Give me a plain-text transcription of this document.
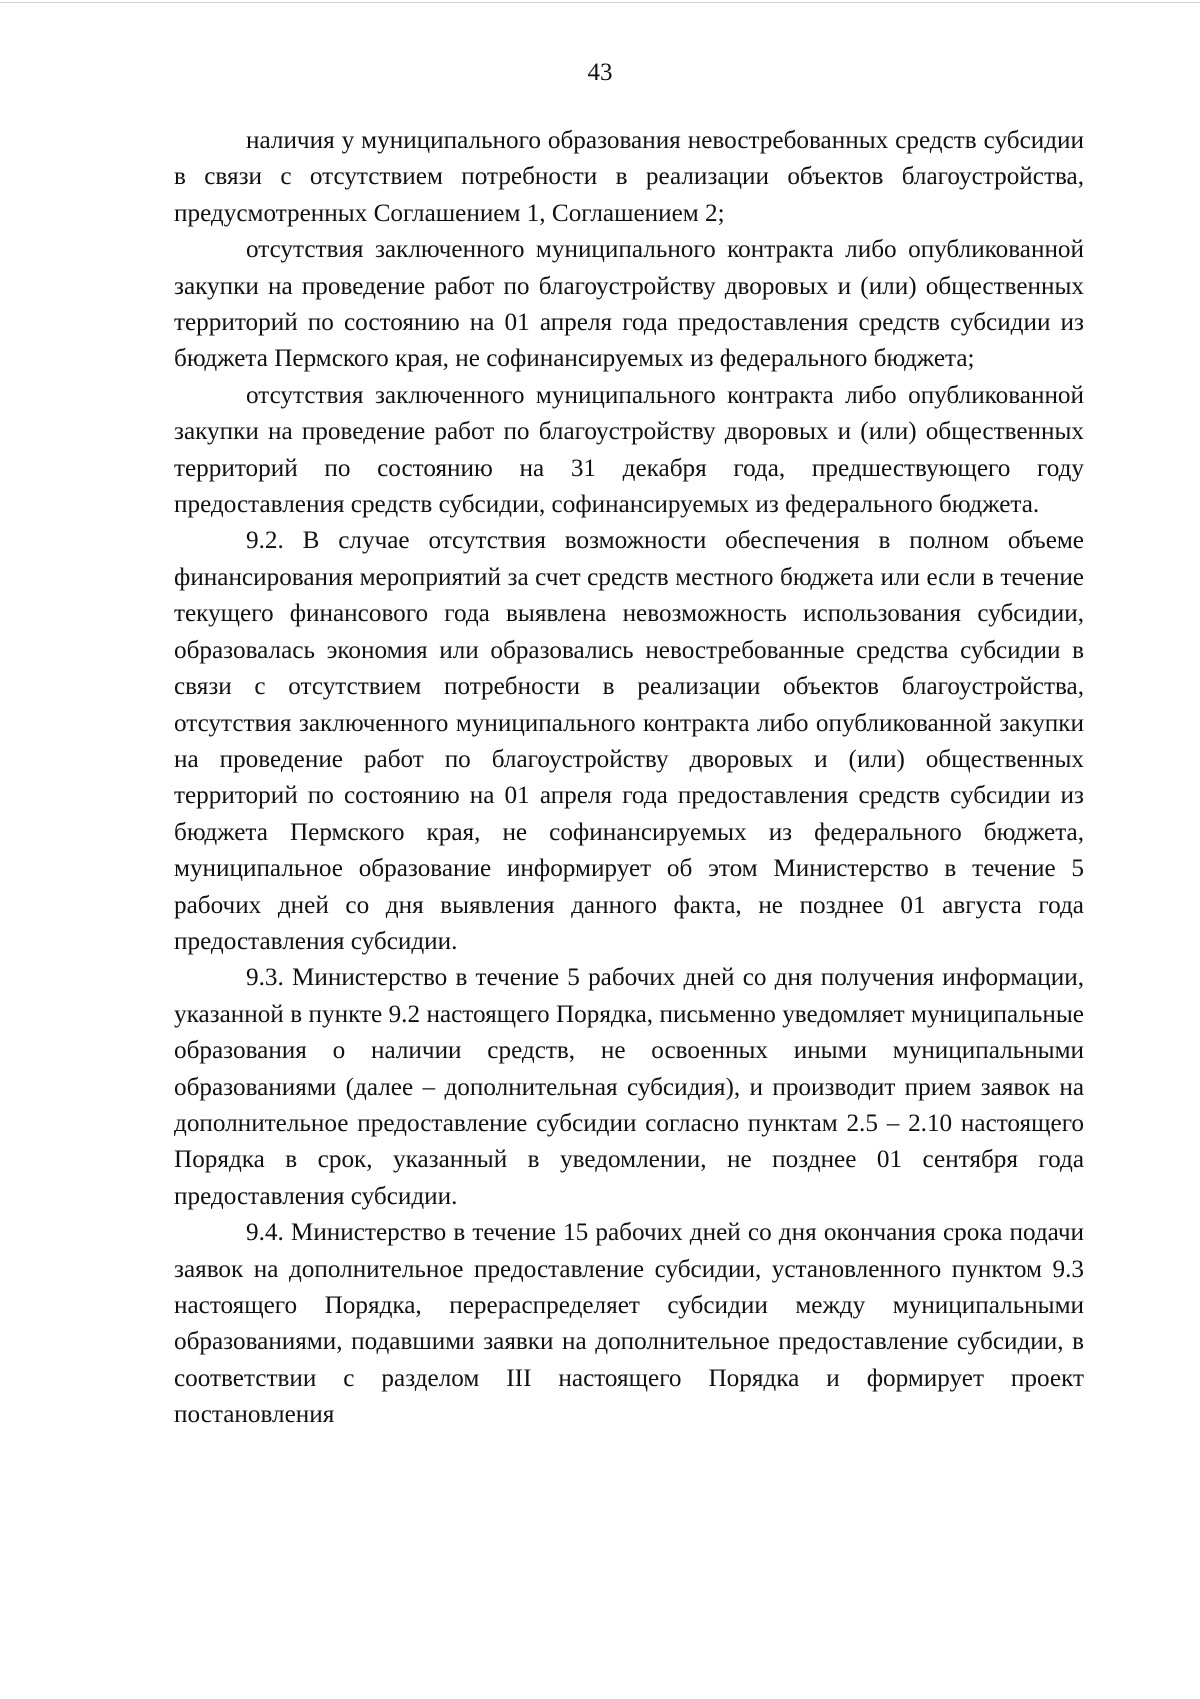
43

наличия у муниципального образования невостребованных средств субсидии в связи с отсутствием потребности в реализации объектов благоустройства, предусмотренных Соглашением 1, Соглашением 2;

отсутствия заключенного муниципального контракта либо опубликованной закупки на проведение работ по благоустройству дворовых и (или) общественных территорий по состоянию на 01 апреля года предоставления средств субсидии из бюджета Пермского края, не софинансируемых из федерального бюджета;

отсутствия заключенного муниципального контракта либо опубликованной закупки на проведение работ по благоустройству дворовых и (или) общественных территорий по состоянию на 31 декабря года, предшествующего году предоставления средств субсидии, софинансируемых из федерального бюджета.

9.2. В случае отсутствия возможности обеспечения в полном объеме финансирования мероприятий за счет средств местного бюджета или если в течение текущего финансового года выявлена невозможность использования субсидии, образовалась экономия или образовались невостребованные средства субсидии в связи с отсутствием потребности в реализации объектов благоустройства, отсутствия заключенного муниципального контракта либо опубликованной закупки на проведение работ по благоустройству дворовых и (или) общественных территорий по состоянию на 01 апреля года предоставления средств субсидии из бюджета Пермского края, не софинансируемых из федерального бюджета, муниципальное образование информирует об этом Министерство в течение 5 рабочих дней со дня выявления данного факта, не позднее 01 августа года предоставления субсидии.

9.3. Министерство в течение 5 рабочих дней со дня получения информации, указанной в пункте 9.2 настоящего Порядка, письменно уведомляет муниципальные образования о наличии средств, не освоенных иными муниципальными образованиями (далее – дополнительная субсидия), и производит прием заявок на дополнительное предоставление субсидии согласно пунктам 2.5 – 2.10 настоящего Порядка в срок, указанный в уведомлении, не позднее 01 сентября года предоставления субсидии.

9.4. Министерство в течение 15 рабочих дней со дня окончания срока подачи заявок на дополнительное предоставление субсидии, установленного пунктом 9.3 настоящего Порядка, перераспределяет субсидии между муниципальными образованиями, подавшими заявки на дополнительное предоставление субсидии, в соответствии с разделом III настоящего Порядка и формирует проект постановления
